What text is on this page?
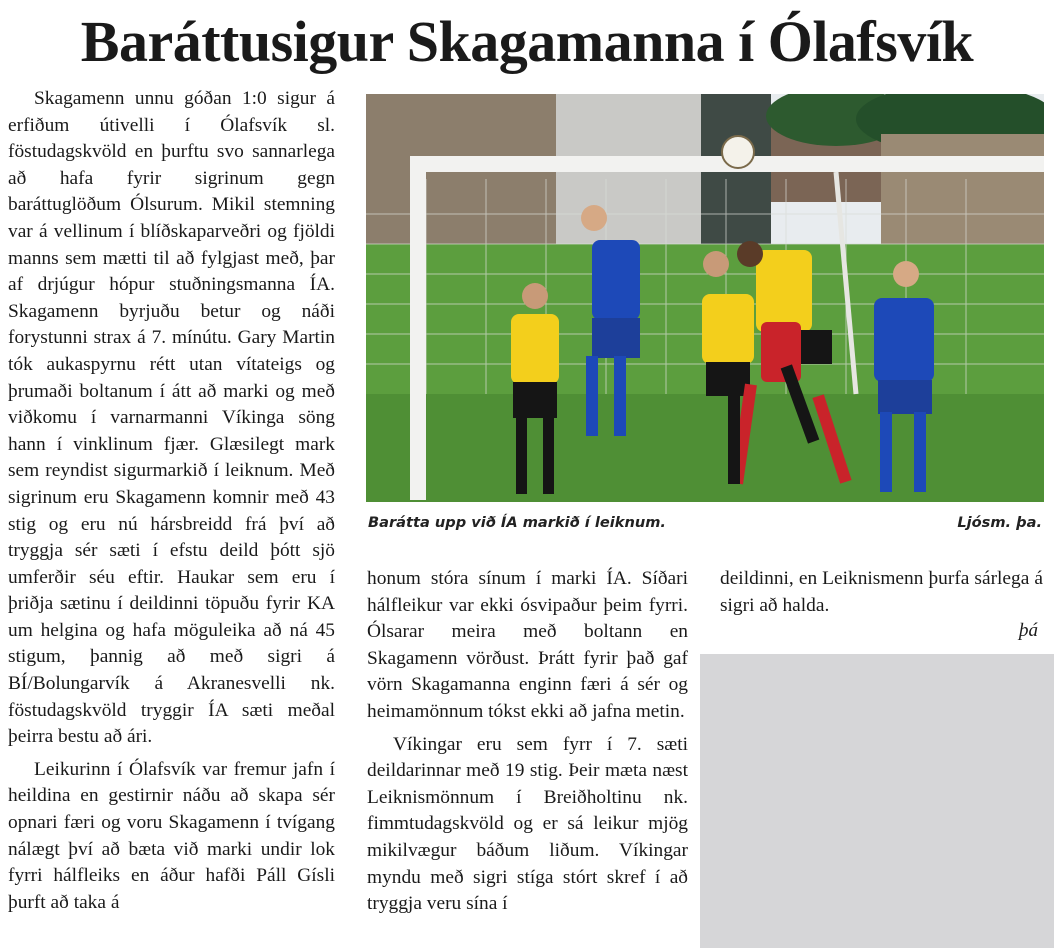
Baráttusigur Skagamanna í Ólafsvík

Skagamenn unnu góðan 1:0 sigur á erfiðum útivelli í Ólafsvík sl. föstudagskvöld en þurftu svo sannarlega að hafa fyrir sigrinum gegn baráttuglöðum Ólsurum. Mikil stemning var á vellinum í blíðskaparveðri og fjöldi manns sem mætti til að fylgjast með, þar af drjúgur hópur stuðningsmanna ÍA. Skagamenn byrjuðu betur og náði forystunni strax á 7. mínútu. Gary Martin tók aukaspyrnu rétt utan vítateigs og þrumaði boltanum í átt að marki og með viðkomu í varnarmanni Víkinga söng hann í vinklinum fjær. Glæsilegt mark sem reyndist sigurmarkið í leiknum. Með sigrinum eru Skagamenn komnir með 43 stig og eru nú hársbreidd frá því að tryggja sér sæti í efstu deild þótt sjö umferðir séu eftir. Haukar sem eru í þriðja sætinu í deildinni töpuðu fyrir KA um helgina og hafa möguleika að ná 45 stigum, þannig að með sigri á BÍ/Bolungarvík á Akranesvelli nk. föstudagskvöld tryggir ÍA sæti meðal þeirra bestu að ári.

Leikurinn í Ólafsvík var fremur jafn í heildina en gestirnir náðu að skapa sér opnari færi og voru Skagamenn í tvígang nálægt því að bæta við marki undir lok fyrri hálfleiks en áður hafði Páll Gísli þurft að taka á

Barátta upp við ÍA markið í leiknum.	Ljósm. þa.

honum stóra sínum í marki ÍA. Síðari hálfleikur var ekki ósvipaður þeim fyrri. Ólsarar meira með boltann en Skagamenn vörðust. Þrátt fyrir það gaf vörn Skagamanna enginn færi á sér og heimamönnum tókst ekki að jafna metin.

Víkingar eru sem fyrr í 7. sæti deildarinnar með 19 stig. Þeir mæta næst Leiknismönnum í Breiðholtinu nk. fimmtudagskvöld og er sá leikur mjög mikilvægur báðum liðum. Víkingar myndu með sigri stíga stórt skref í að tryggja veru sína í

deildinni, en Leiknismenn þurfa sárlega á sigri að halda.

þá
